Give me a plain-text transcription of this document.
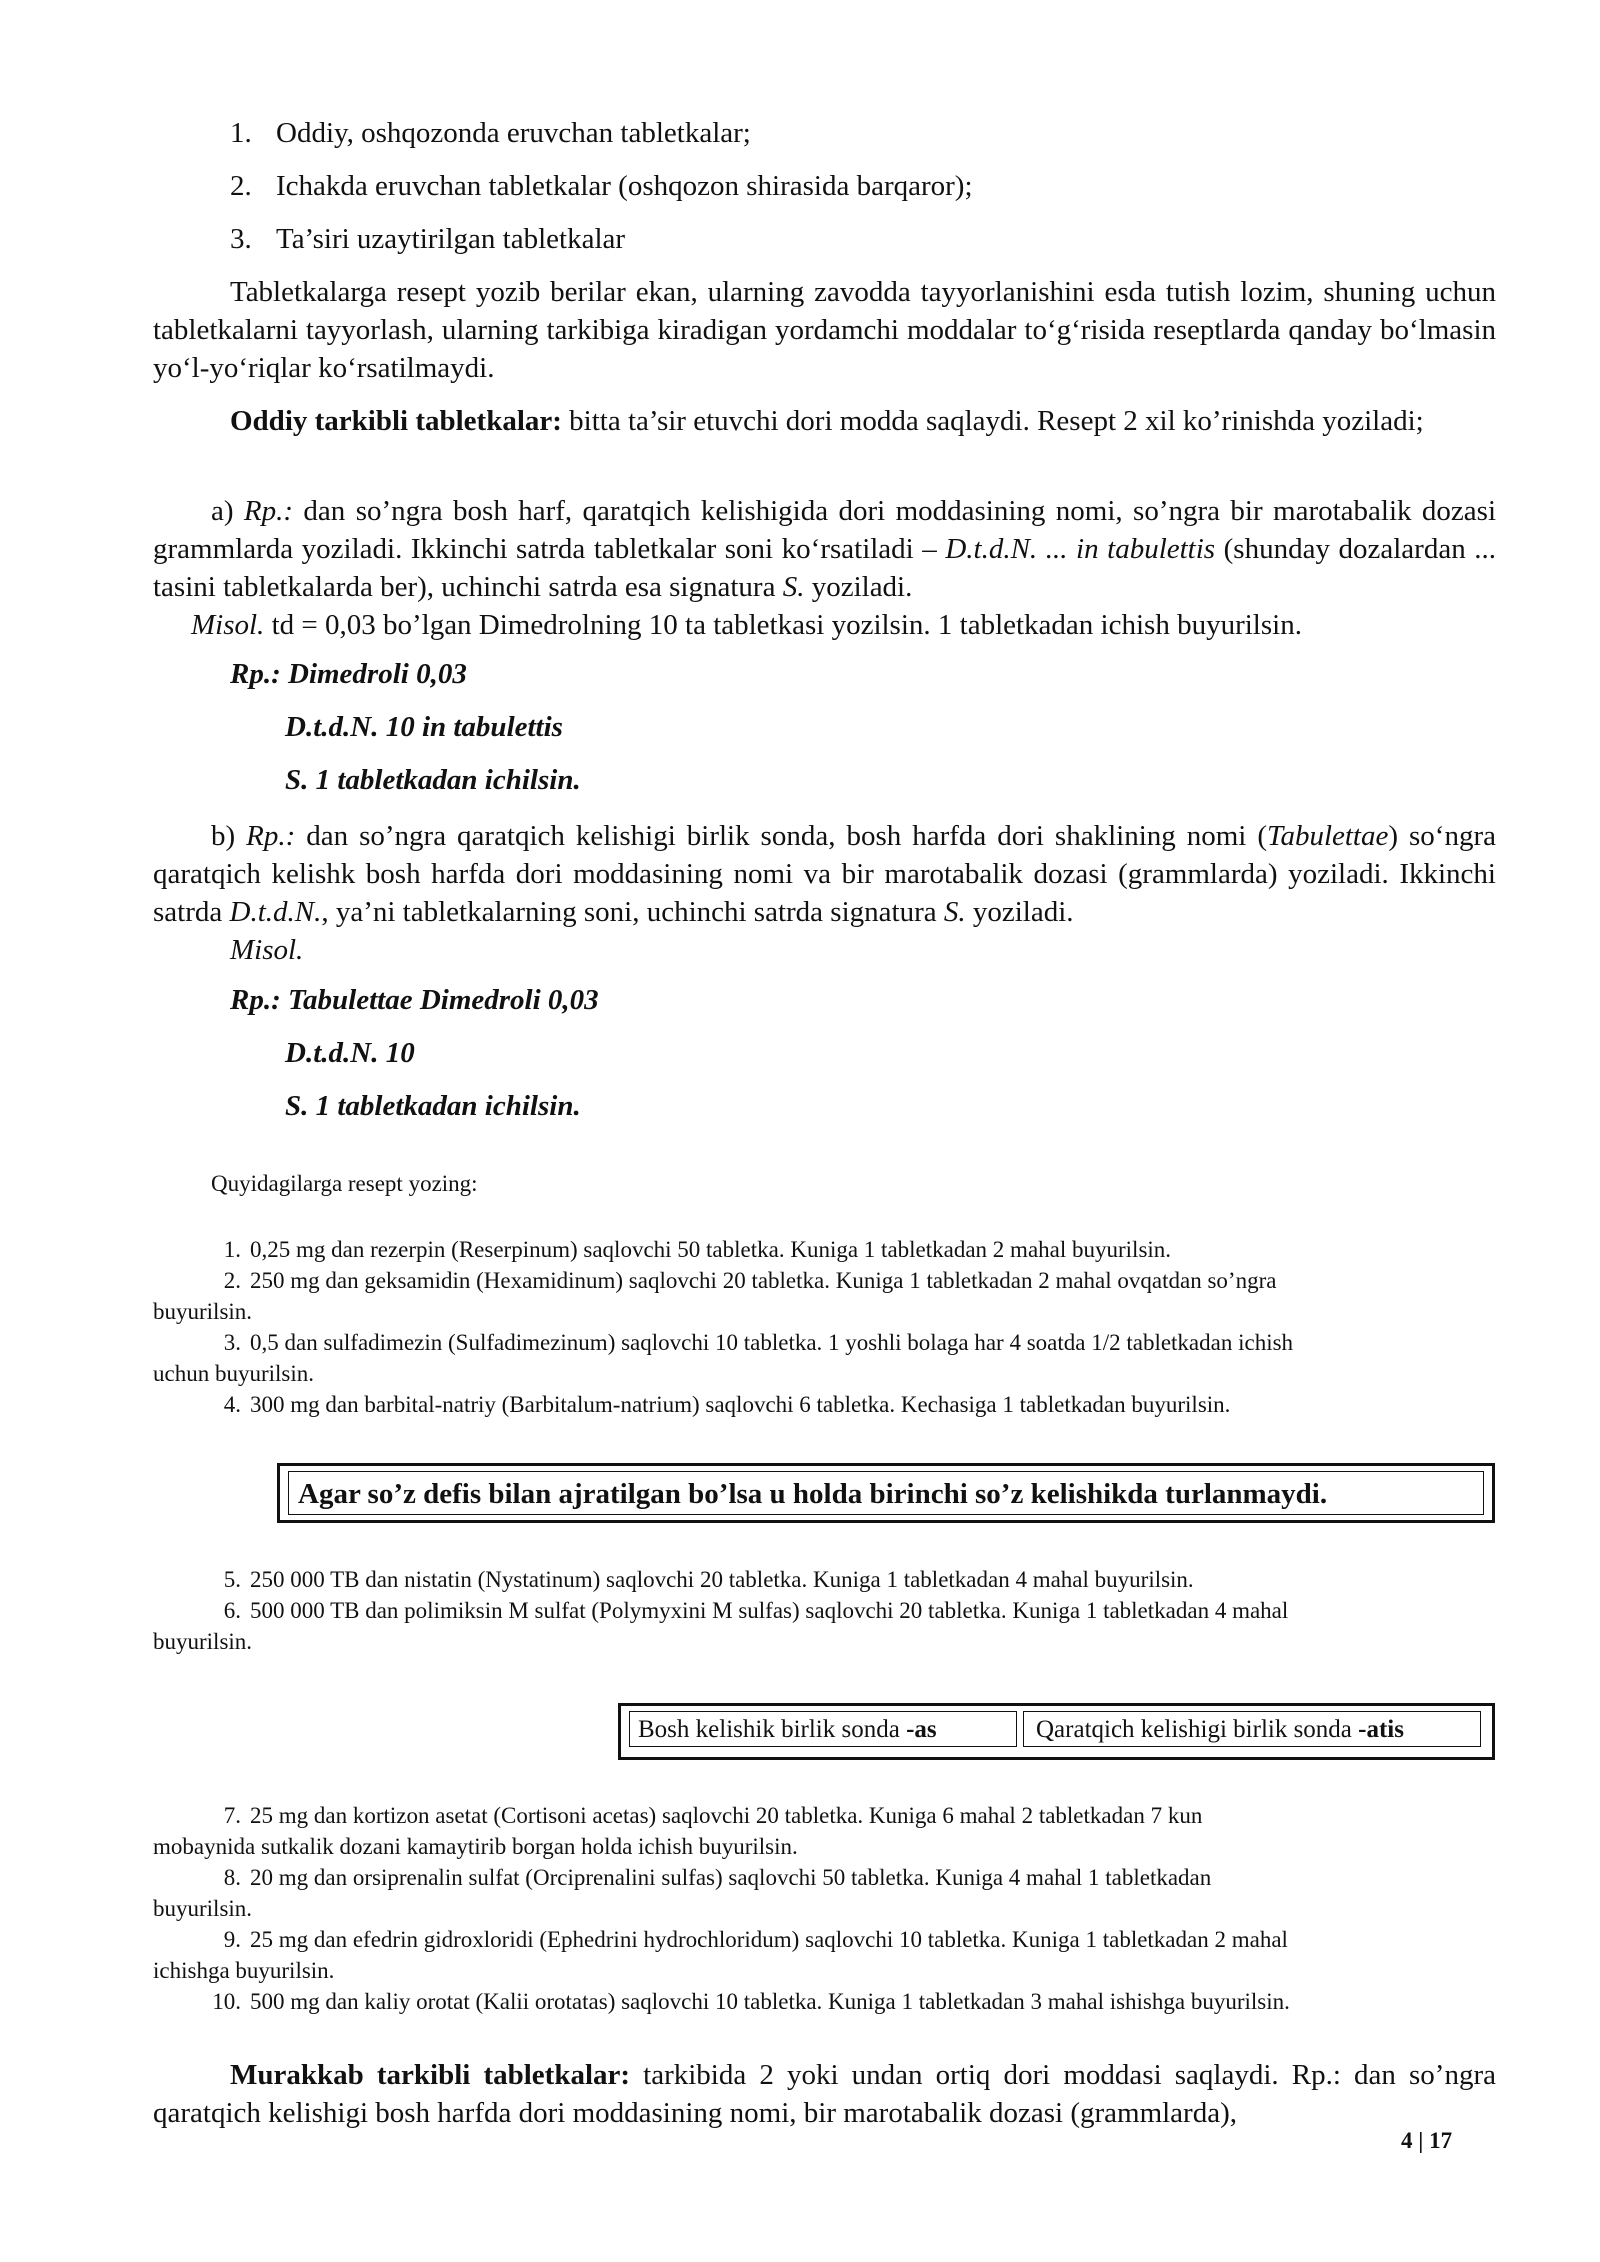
1. Oddiy, oshqozonda eruvchan tabletkalar;
2. Ichakda eruvchan tabletkalar (oshqozon shirasida barqaror);
3. Ta’siri uzaytirilgan tabletkalar

Tabletkalarga resept yozib berilar ekan, ularning zavodda tayyorlanishini esda tutish lozim, shuning uchun tabletkalarni tayyorlash, ularning tarkibiga kiradigan yordamchi moddalar to‘g‘risida reseptlarda qanday bo‘lmasin yo‘l-yo‘riqlar ko‘rsatilmaydi.

Oddiy tarkibli tabletkalar: bitta ta’sir etuvchi dori modda saqlaydi. Resept 2 xil ko’rinishda yoziladi;

a) Rp.: dan so’ngra bosh harf, qaratqich kelishigida dori moddasining nomi, so’ngra bir marotabalik dozasi grammlarda yoziladi. Ikkinchi satrda tabletkalar soni ko‘rsatiladi – D.t.d.N. ... in tabulettis (shunday dozalardan ... tasini tabletkalarda ber), uchinchi satrda esa signatura S. yoziladi.

Misol. td = 0,03 bo’lgan Dimedrolning 10 ta tabletkasi yozilsin. 1 tabletkadan ichish buyurilsin.
Rp.: Dimedroli 0,03
D.t.d.N. 10 in tabulettis
S. 1 tabletkadan ichilsin.

b) Rp.: dan so’ngra qaratqich kelishigi birlik sonda, bosh harfda dori shaklining nomi (Tabulettae) so‘ngra qaratqich kelishk bosh harfda dori moddasining nomi va bir marotabalik dozasi (grammlarda) yoziladi. Ikkinchi satrda D.t.d.N., ya’ni tabletkalarning soni, uchinchi satrda signatura S. yoziladi.

Misol.
Rp.: Tabulettae Dimedroli 0,03
D.t.d.N. 10
S. 1 tabletkadan ichilsin.
Quyidagilarga resept yozing:
1. 0,25 mg dan rezerpin (Reserpinum) saqlovchi 50 tabletka. Kuniga 1 tabletkadan 2 mahal buyurilsin.
2. 250 mg dan geksamidin (Hexamidinum) saqlovchi 20 tabletka. Kuniga 1 tabletkadan 2 mahal ovqatdan so’ngra
buyurilsin.
3. 0,5 dan sulfadimezin (Sulfadimezinum) saqlovchi 10 tabletka. 1 yoshli bolaga har 4 soatda 1/2 tabletkadan ichish
uchun buyurilsin.
4. 300 mg dan barbital-natriy (Barbitalum-natrium) saqlovchi 6 tabletka. Kechasiga 1 tabletkadan buyurilsin.
Agar so’z defis bilan ajratilgan bo’lsa u holda birinchi so’z kelishikda turlanmaydi.
5. 250 000 TB dan nistatin (Nystatinum) saqlovchi 20 tabletka. Kuniga 1 tabletkadan 4 mahal buyurilsin.
6. 500 000 TB dan polimiksin M sulfat (Polymyxini M sulfas) saqlovchi 20 tabletka. Kuniga 1 tabletkadan 4 mahal
buyurilsin.
Bosh kelishik birlik sonda -as	Qaratqich kelishigi birlik sonda -atis
7. 25 mg dan kortizon asetat (Cortisoni acetas) saqlovchi 20 tabletka. Kuniga 6 mahal 2 tabletkadan 7 kun
mobaynida sutkalik dozani kamaytirib borgan holda ichish buyurilsin.
8. 20 mg dan orsiprenalin sulfat (Orciprenalini sulfas) saqlovchi 50 tabletka. Kuniga 4 mahal 1 tabletkadan
buyurilsin.
9. 25 mg dan efedrin gidroxloridi (Ephedrini hydrochloridum) saqlovchi 10 tabletka. Kuniga 1 tabletkadan 2 mahal
ichishga buyurilsin.
10. 500 mg dan kaliy orotat (Kalii orotatas) saqlovchi 10 tabletka. Kuniga 1 tabletkadan 3 mahal ishishga buyurilsin.

Murakkab tarkibli tabletkalar: tarkibida 2 yoki undan ortiq dori moddasi saqlaydi. Rp.: dan so’ngra qaratqich kelishigi bosh harfda dori moddasining nomi, bir marotabalik dozasi (grammlarda),

4 | 17
